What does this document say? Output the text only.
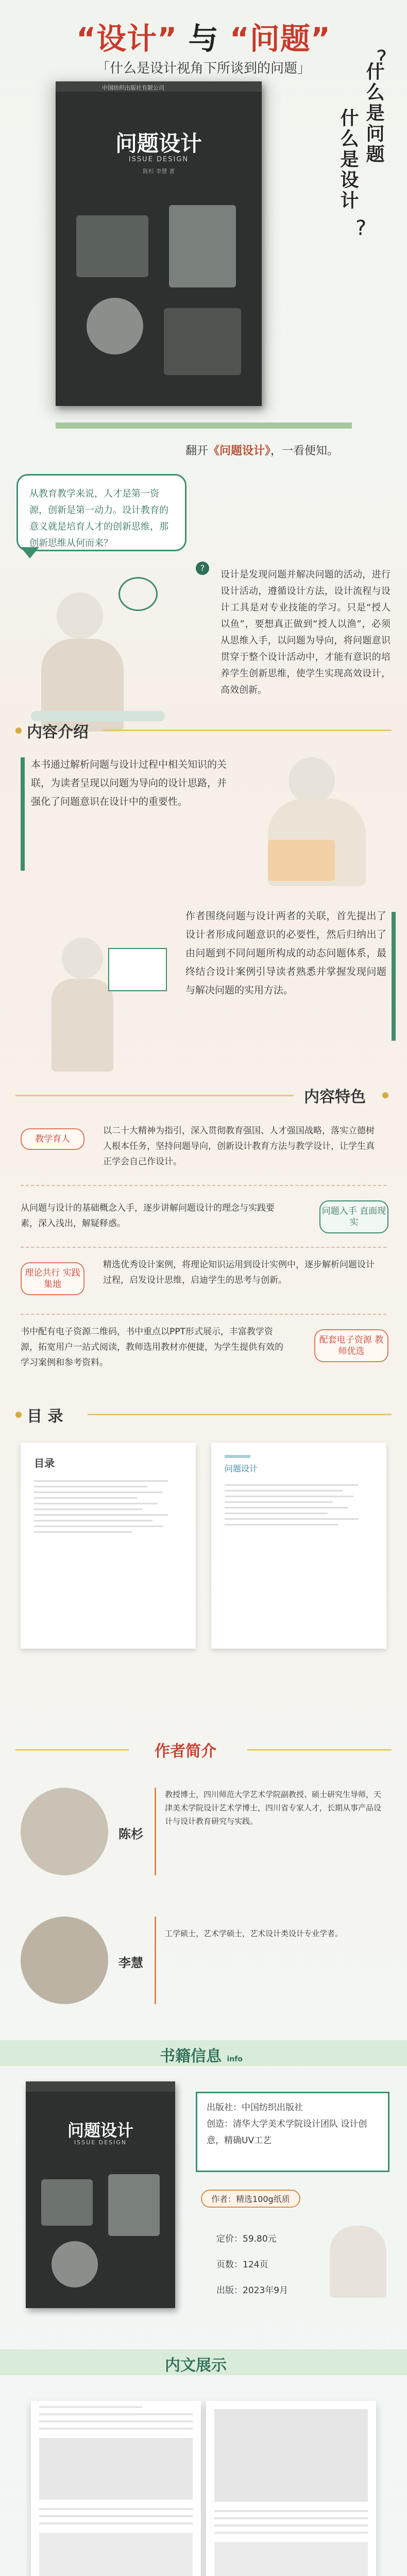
“设计” 与 “问题”
「什么是设计视角下所谈到的问题」
中国纺织出版社有限公司
问题设计
ISSUE DESIGN
陈杉 李慧 著
什么是问题
什么是设计
?
?
翻开《问题设计》，一看便知。
从教育教学来说，人才是第一资源，创新是第一动力。设计教育的意义就是培育人才的创新思维，那创新思维从何而来？
?
设计是发现问题并解决问题的活动，进行设计活动，遵循设计方法，设计流程与设计工具是对专业技能的学习。只是“授人以鱼”，要想真正做到“授人以渔”，必须从思维入手，以问题为导向，将问题意识贯穿于整个设计活动中，才能有意识的培养学生创新思维，使学生实现高效设计，高效创新。
内容介绍
本书通过解析问题与设计过程中相关知识的关联，为读者呈现以问题为导向的设计思路，并强化了问题意识在设计中的重要性。
作者围绕问题与设计两者的关联，首先提出了设计者形成问题意识的必要性，然后归纳出了由问题到不同问题所构成的动态问题体系，最终结合设计案例引导读者熟悉并掌握发现问题与解决问题的实用方法。
内容特色
教学育人
以二十大精神为指引，深入贯彻教育强国、人才强国战略，落实立德树人根本任务，坚持问题导向，创新设计教育方法与教学设计，让学生真正学会自己作设计。
从问题与设计的基础概念入手，逐步讲解问题设计的理念与实践要素，深入浅出，解疑释惑。
问题入手 直面现实
理论共行 实践集地
精选优秀设计案例，将理论知识运用到设计实例中，逐步解析问题设计过程，启发设计思维，启迪学生的思考与创新。
书中配有电子资源二维码，书中重点以PPT形式展示，丰富教学资源，拓宽用户一站式阅读，教师选用教材亦便捷，为学生提供有效的学习案例和参考资料。
配套电子资源 教师优选
目 录
目录	问题设计
作者简介
陈杉
教授博士，四川师范大学艺术学院副教授、硕士研究生导师，天津美术学院设计艺术学博士，四川省专家人才，长期从事产品设计与设计教育研究与实践。
李慧
工学硕士，艺术学硕士，艺术设计类设计专业学者。
书籍信息 info
问题设计
ISSUE DESIGN
出版社：中国纺织出版社
创造：清华大学美术学院设计团队 设计创意，精确UV工艺
作者：精选100g纸质
定价：59.80元
页数：124页
出版：2023年9月
内文展示
